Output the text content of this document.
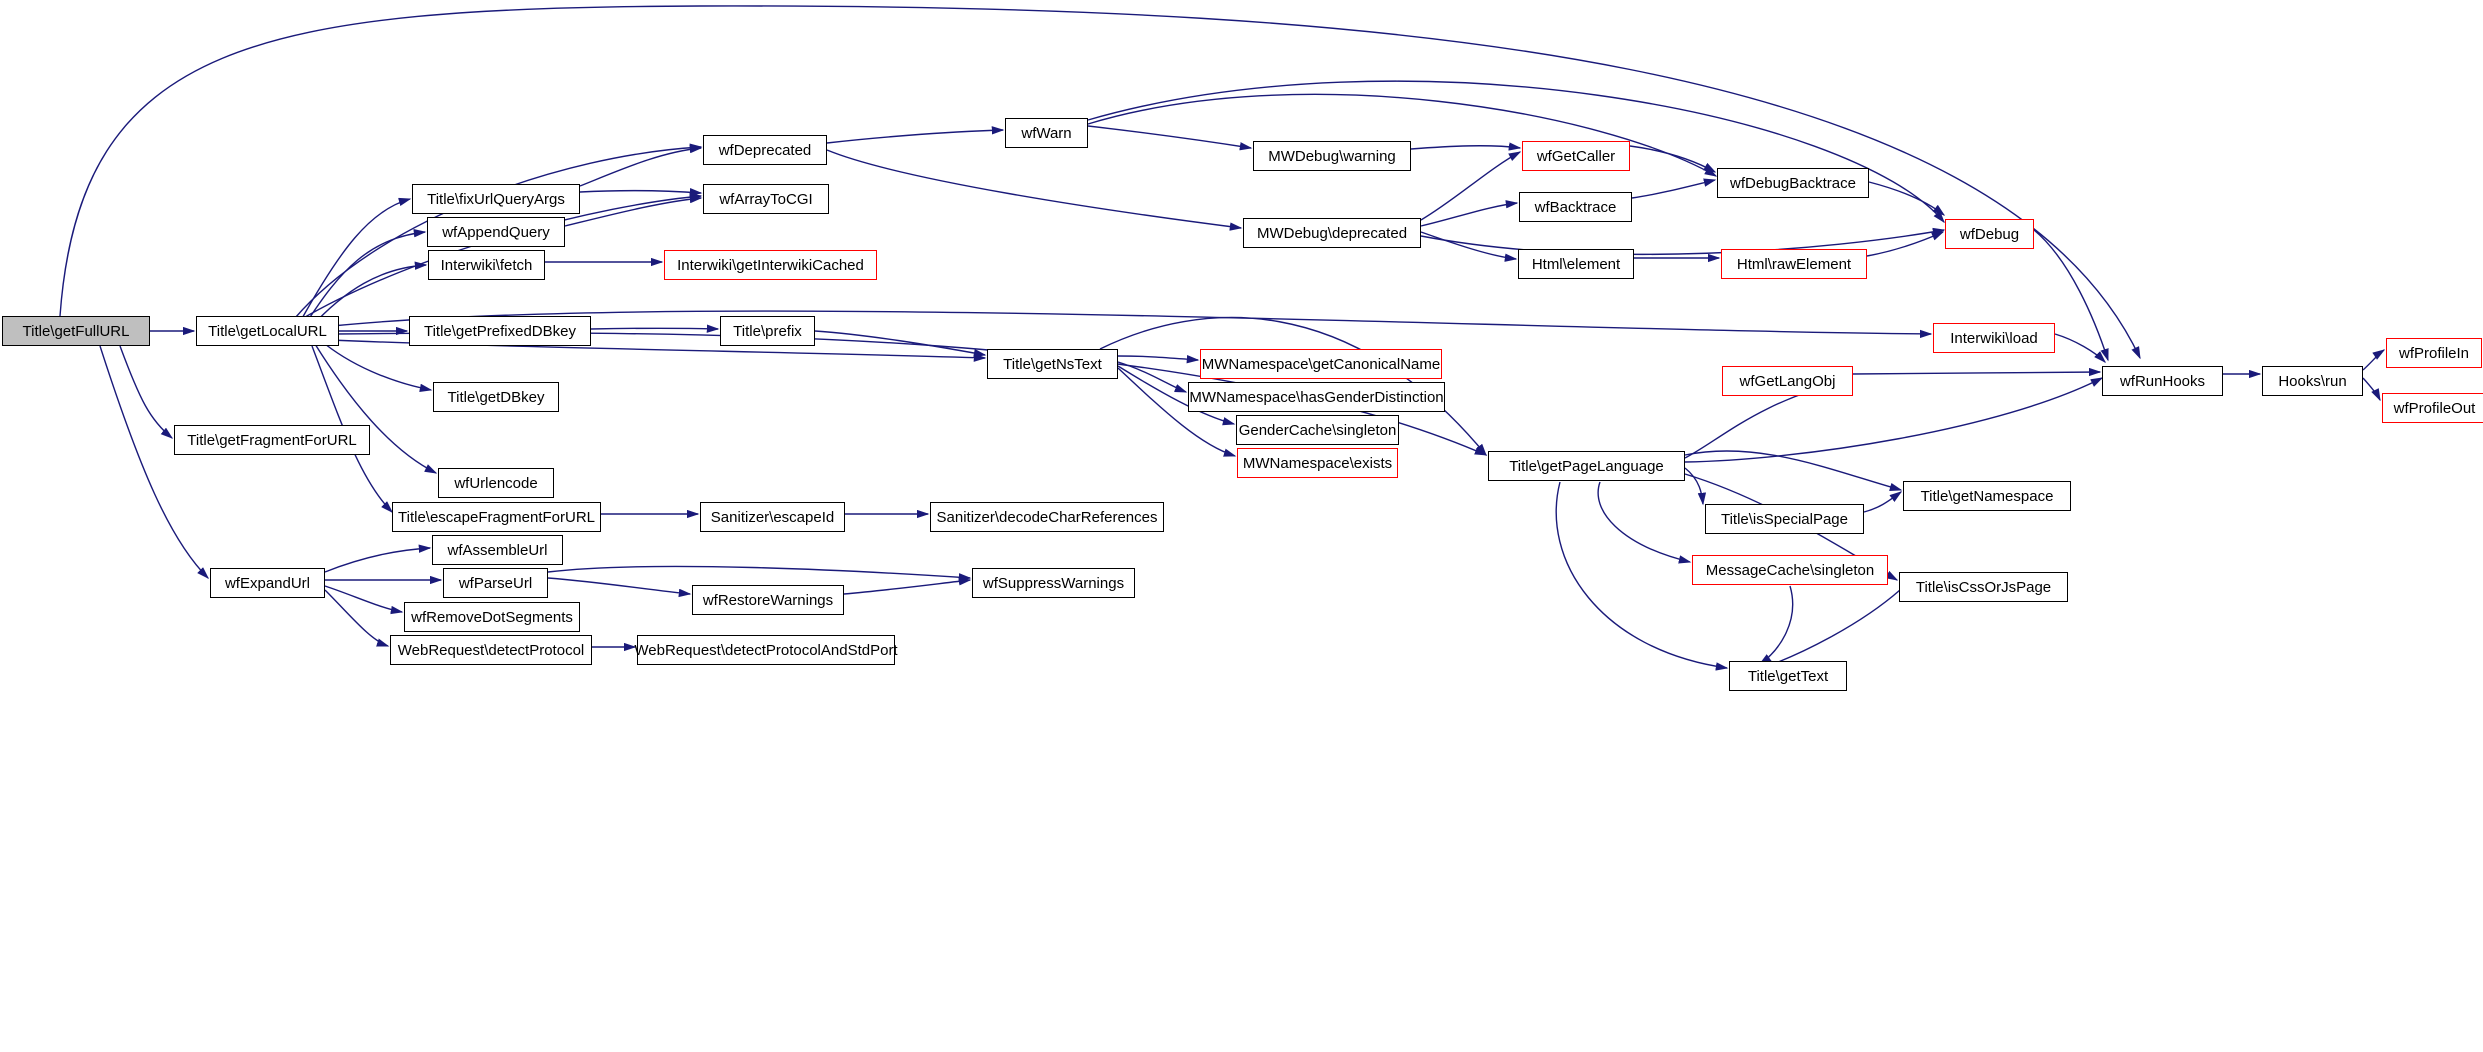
Title\getFullURL	Title\getLocalURL
Title\fixUrlQueryArgs
wfAppendQuery
Interwiki\fetch
Title\getPrefixedDBkey
Title\getDBkey
Title\getFragmentForURL
wfUrlencode
Title\escapeFragmentForURL
wfExpandUrl
wfAssembleUrl
wfParseUrl
wfRemoveDotSegments
WebRequest\detectProtocol	WebRequest\detectProtocolAndStdPort
wfRestoreWarnings
wfSuppressWarnings
Sanitizer\escapeId	Sanitizer\decodeCharReferences
wfArrayToCGI
Interwiki\getInterwikiCached
Title\prefix
Title\getNsText	MWNamespace\getCanonicalName
MWNamespace\hasGenderDistinction
GenderCache\singleton
MWNamespace\exists
wfDeprecated
wfWarn
MWDebug\warning
MWDebug\deprecated
wfGetCaller
wfBacktrace
Html\element	Html\rawElement
wfDebugBacktrace
wfDebug
wfRunHooks	Hooks\run
wfProfileIn
wfProfileOut
Interwiki\load
wfGetLangObj
Title\getPageLanguage
Title\isSpecialPage
Title\getNamespace
MessageCache\singleton
Title\isCssOrJsPage
Title\getText
